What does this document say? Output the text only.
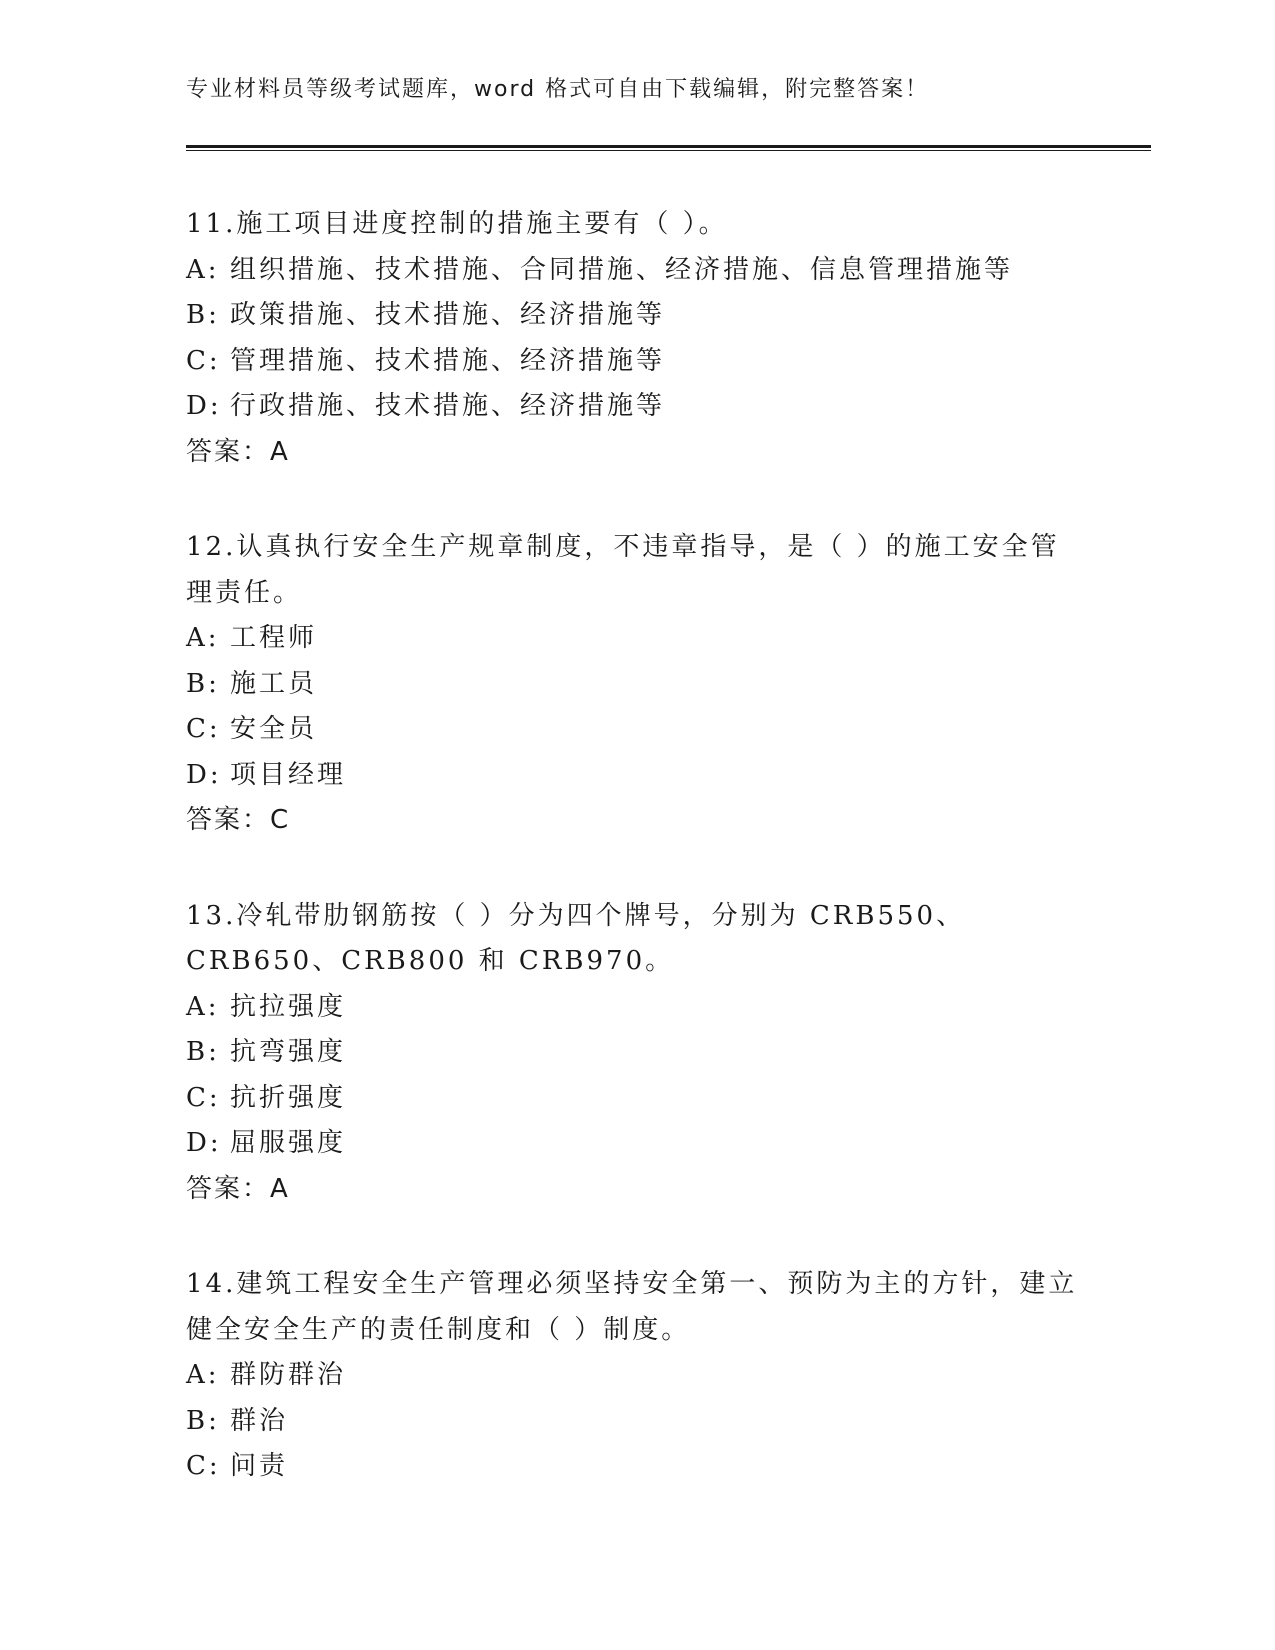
专业材料员等级考试题库，word 格式可自由下载编辑，附完整答案！
11.施工项目进度控制的措施主要有（ ）。
A: 组织措施、技术措施、合同措施、经济措施、信息管理措施等
B: 政策措施、技术措施、经济措施等
C: 管理措施、技术措施、经济措施等
D: 行政措施、技术措施、经济措施等
答案：A
12.认真执行安全生产规章制度，不违章指导，是（ ）的施工安全管理责任。
A: 工程师
B: 施工员
C: 安全员
D: 项目经理
答案：C
13.冷轧带肋钢筋按（ ）分为四个牌号，分别为 CRB550、CRB650、CRB800 和 CRB970。
A: 抗拉强度
B: 抗弯强度
C: 抗折强度
D: 屈服强度
答案：A
14.建筑工程安全生产管理必须坚持安全第一、预防为主的方针，建立健全安全生产的责任制度和（ ）制度。
A: 群防群治
B: 群治
C: 问责
